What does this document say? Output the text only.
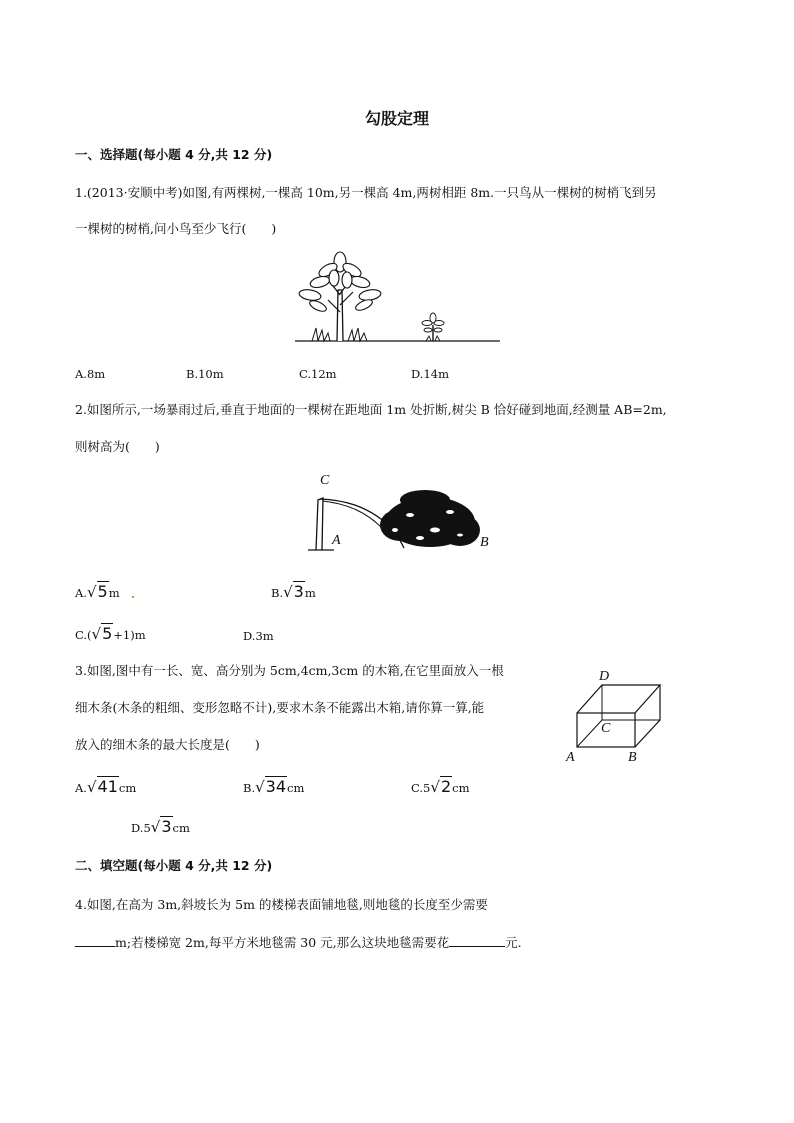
勾股定理
一、选择题(每小题 4 分,共 12 分)
1.(2013·安顺中考)如图,有两棵树,一棵高 10m,另一棵高 4m,两树相距 8m.一只鸟从一棵树的树梢飞到另
一棵树的树梢,问小鸟至少飞行(　　)
A.8m	B.10m	C.12m	D.14m
2.如图所示,一场暴雨过后,垂直于地面的一棵树在距地面 1m 处折断,树尖 B 恰好碰到地面,经测量 AB=2m,
则树高为(　　)
C
A	B
A.√5m .	B.√3m
C.(√5+1)m	D.3m
3.如图,图中有一长、宽、高分别为 5cm,4cm,3cm 的木箱,在它里面放入一根
细木条(木条的粗细、变形忽略不计),要求木条不能露出木箱,请你算一算,能
放入的细木条的最大长度是(　　)
D
C
A	B
A.√41cm	B.√34cm	C.5√2cm
D.5√3cm
二、填空题(每小题 4 分,共 12 分)
4.如图,在高为 3m,斜坡长为 5m 的楼梯表面铺地毯,则地毯的长度至少需要
m;若楼梯宽 2m,每平方米地毯需 30 元,那么这块地毯需要花	元.
